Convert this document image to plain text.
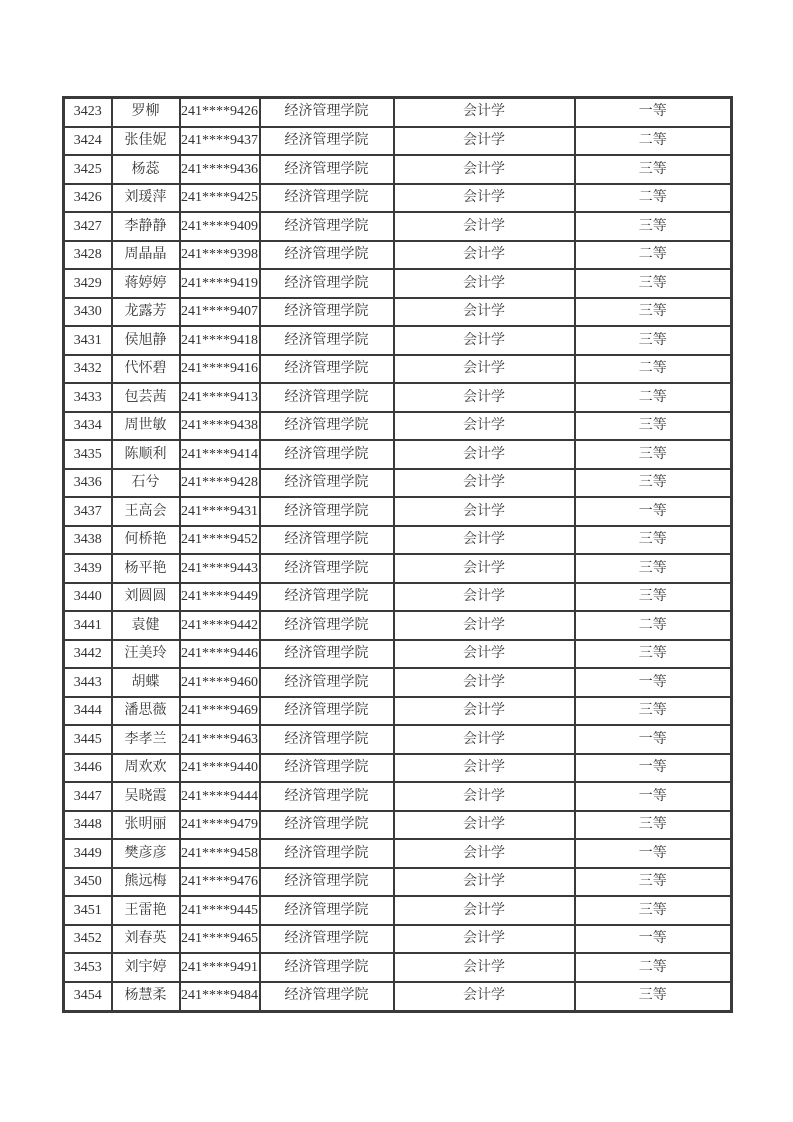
3423	罗柳	241****9426	经济管理学院	会计学	一等
3424	张佳妮	241****9437	经济管理学院	会计学	二等
3425	杨蕊	241****9436	经济管理学院	会计学	三等
3426	刘瑗萍	241****9425	经济管理学院	会计学	二等
3427	李静静	241****9409	经济管理学院	会计学	三等
3428	周晶晶	241****9398	经济管理学院	会计学	二等
3429	蒋婷婷	241****9419	经济管理学院	会计学	三等
3430	龙露芳	241****9407	经济管理学院	会计学	三等
3431	侯旭静	241****9418	经济管理学院	会计学	三等
3432	代怀碧	241****9416	经济管理学院	会计学	二等
3433	包芸茜	241****9413	经济管理学院	会计学	二等
3434	周世敏	241****9438	经济管理学院	会计学	三等
3435	陈顺利	241****9414	经济管理学院	会计学	三等
3436	石兮	241****9428	经济管理学院	会计学	三等
3437	王高会	241****9431	经济管理学院	会计学	一等
3438	何桥艳	241****9452	经济管理学院	会计学	三等
3439	杨平艳	241****9443	经济管理学院	会计学	三等
3440	刘圆圆	241****9449	经济管理学院	会计学	三等
3441	袁健	241****9442	经济管理学院	会计学	二等
3442	汪美玲	241****9446	经济管理学院	会计学	三等
3443	胡蝶	241****9460	经济管理学院	会计学	一等
3444	潘思薇	241****9469	经济管理学院	会计学	三等
3445	李孝兰	241****9463	经济管理学院	会计学	一等
3446	周欢欢	241****9440	经济管理学院	会计学	一等
3447	吴晓霞	241****9444	经济管理学院	会计学	一等
3448	张明丽	241****9479	经济管理学院	会计学	三等
3449	樊彦彦	241****9458	经济管理学院	会计学	一等
3450	熊远梅	241****9476	经济管理学院	会计学	三等
3451	王雷艳	241****9445	经济管理学院	会计学	三等
3452	刘春英	241****9465	经济管理学院	会计学	一等
3453	刘宇婷	241****9491	经济管理学院	会计学	二等
3454	杨慧柔	241****9484	经济管理学院	会计学	三等
